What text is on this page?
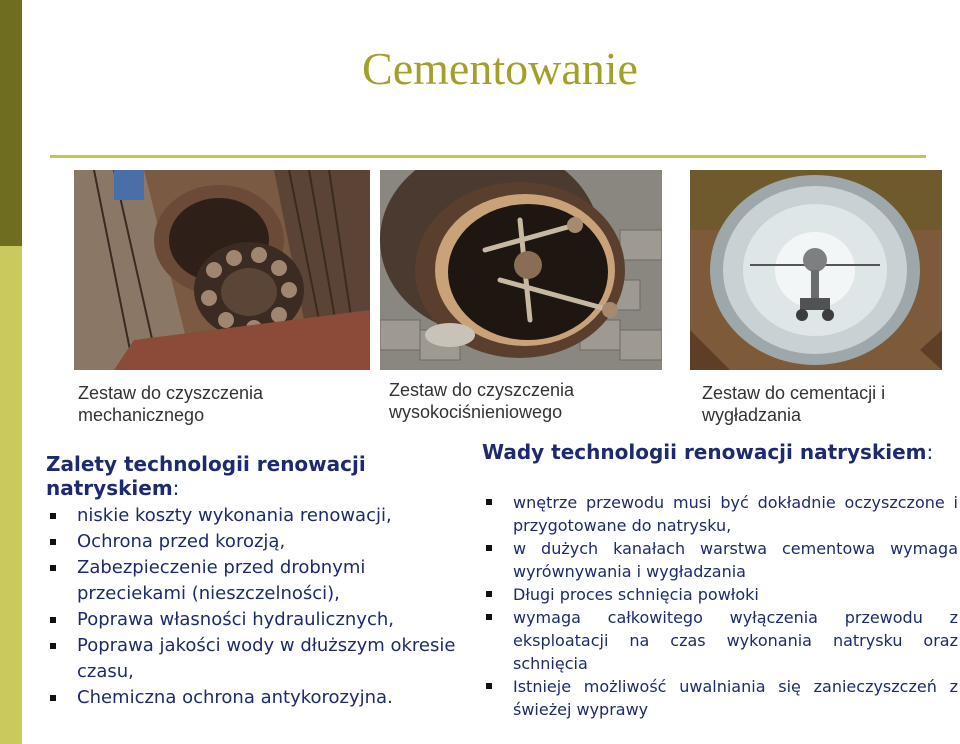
Cementowanie
Zestaw do czyszczenia mechanicznego
Zestaw do czyszczenia wysokociśnieniowego
Zestaw do cementacji i wygładzania
Zalety technologii renowacji natryskiem:
niskie koszty wykonania renowacji,
Ochrona przed korozją,
Zabezpieczenie przed drobnymi przeciekami (nieszczelności),
Poprawa własności hydraulicznych,
Poprawa jakości wody w dłuższym okresie czasu,
Chemiczna ochrona antykorozyjna.
Wady technologii renowacji natryskiem:
wnętrze przewodu musi być dokładnie oczyszczone i przygotowane do natrysku,
w dużych kanałach warstwa cementowa wymaga wyrównywania i wygładzania
Długi proces schnięcia powłoki
wymaga całkowitego wyłączenia przewodu z eksploatacji na czas wykonania natrysku oraz schnięcia
Istnieje możliwość uwalniania się zanieczyszczeń z świeżej wyprawy
